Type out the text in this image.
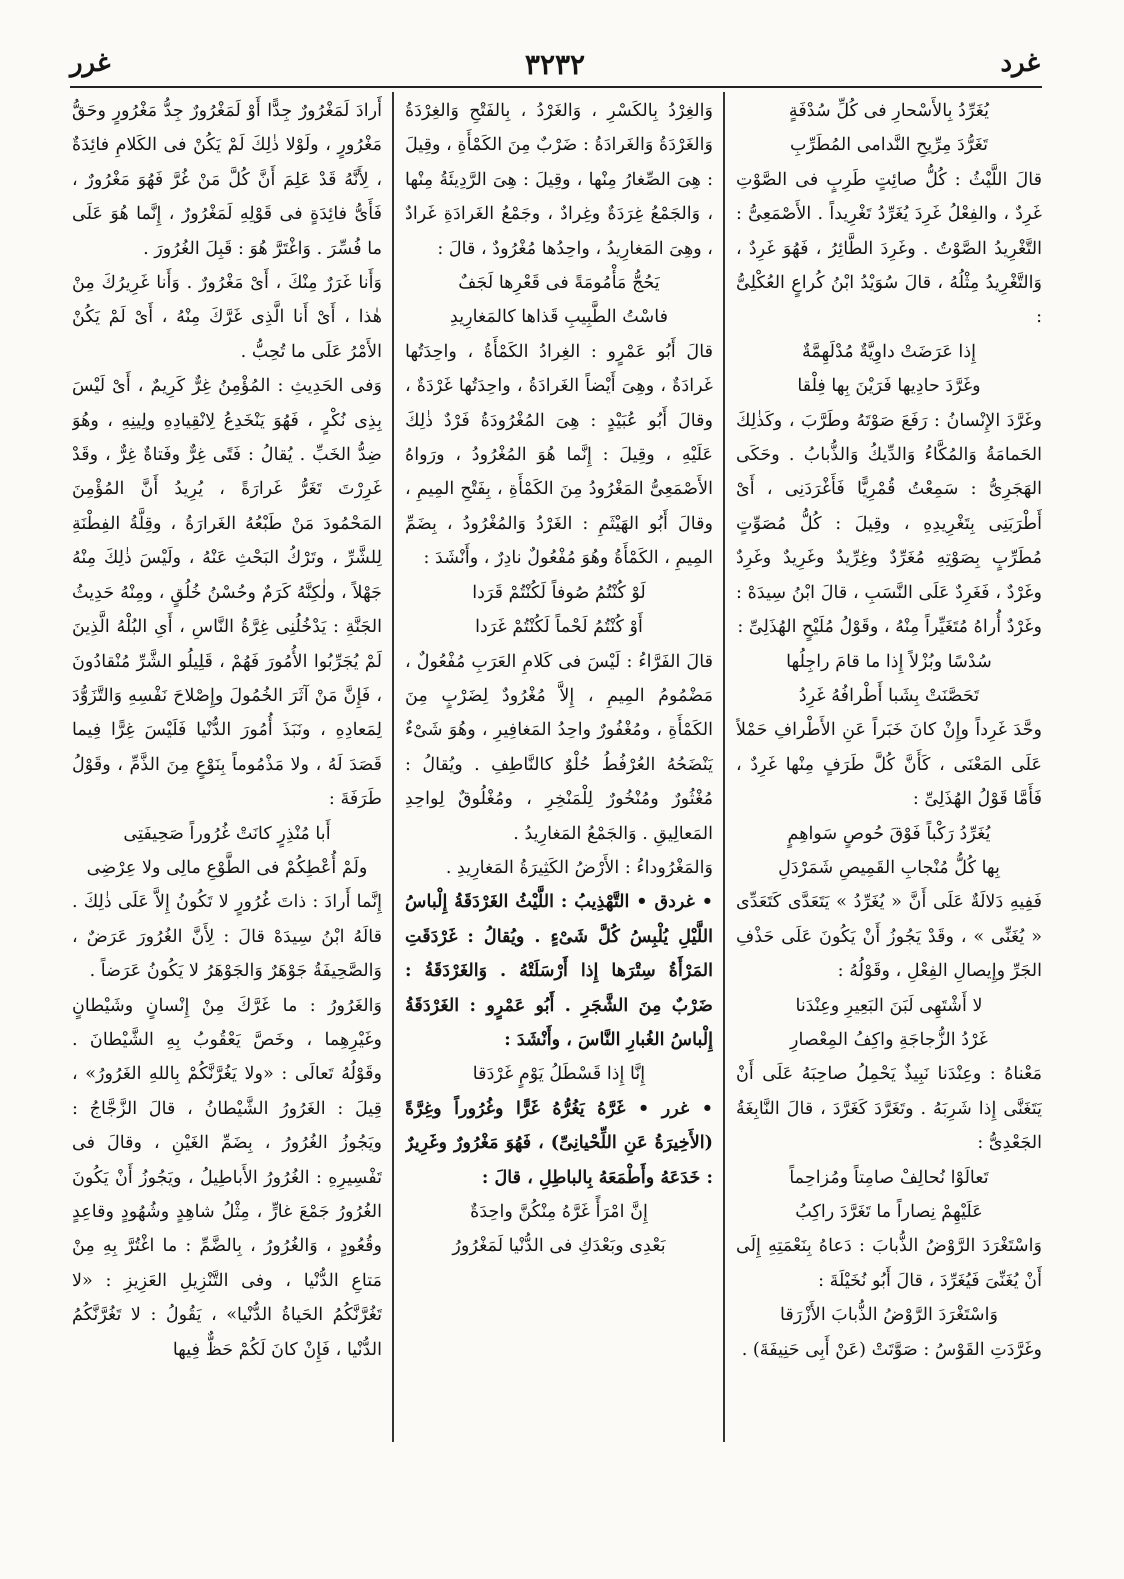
غرد
٣٢٣٢
غرر

يُغَرِّدُ بِالأَسْحارِ فى كُلِّ سُدْفَةٍ

تَغَرُّدَ مِرِّيحِ النَّدامى المُطَرِّبِ

قالَ اللَّيْثُ : كُلُّ صائِتٍ طَرِبٍ فى الصَّوْتِ غَرِدٌ ، والفِعْلُ غَرِدَ يُغَرِّدُ تَغْرِيداً . الأَصْمَعِىُّ : التَّغْرِيدُ الصَّوْتُ . وغَرِدَ الطَّائِرُ ، فَهُوَ غَرِدٌ ، وَالتَّغْرِيدُ مِثْلُهُ ، قالَ سُوَيْدُ ابْنُ كُراعٍ العُكْلِىُّ :

إِذا عَرَضَتْ داوِيَّةٌ مُدْلَهِمَّةٌ

وغَرَّدَ حادِيها فَرَيْنَ بِها فِلْقا

وغَرَّدَ الإِنْسانُ : رَفَعَ صَوْتَهُ وطَرَّبَ ، وكَذٰلِكَ الحَمامَةُ وَالمُكَّاءُ وَالدِّيكُ وَالذُّبابُ . وحَكَى الهَجَرِىُّ : سَمِعْتُ قُمْرِيًّا فَأَغْرَدَنِى ، أَىْ أَطْرَبَنِى بِتَغْرِيدِهِ ، وقِيلَ : كُلُّ مُصَوِّتٍ مُطَرِّبٍ بِصَوْتِهِ مُغَرِّدٌ وغِرِّيدٌ وغَرِيدٌ وغَرِدٌ وغَرْدٌ ، فَغَرِدٌ عَلَى النَّسَبِ ، قالَ ابْنُ سِيدَهْ : وغَرْدٌ أُراهُ مُتَغَيِّراً مِنْهُ ، وقَوْلُ مُلَيْحٍ الهُذَلِىِّ :

سُدْسًا وبُزْلاً إِذا ما قامَ راجِلُها

تَحَصَّنَتْ بِشَبا أَطْرافُهُ غَرِدُ

وحَّدَ غَرِداً وإِنْ كانَ خَبَراً عَنِ الأَطْرافِ حَمْلاً عَلَى المَعْنَى ، كَأَنَّ كُلَّ طَرَفٍ مِنْها غَرِدٌ ، فَأَمَّا قَوْلُ الهُذَلِىِّ :

يُغَرِّدُ رَكْباً فَوْقَ حُوصٍ سَواهِمٍ

بِها كُلُّ مُنْجابِ القَمِيصِ شَمَرْدَلِ

فَفِيهِ دَلالَةٌ عَلَى أَنَّ « يُغَرِّدُ » يَتَعَدَّى كَتَعَدِّى « يُغَنِّى » ، وقَدْ يَجُوزُ أَنْ يَكُونَ عَلَى حَذْفِ الجَرِّ وإِيصالِ الفِعْلِ ، وقَوْلُهُ :

لا أَشْتَهِى لَبَنَ البَعِيرِ وعِنْدَنا

غَرْدُ الزُّجاجَةِ واكِفُ المِعْصارِ

مَعْناهُ : وعِنْدَنا نَبِيذٌ يَحْمِلُ صاحِبَهُ عَلَى أَنْ يَتَغَنَّى إِذا شَرِبَهُ . وتَغَرَّدَ كَغَرَّدَ ، قالَ النَّابِغَةُ الجَعْدِىُّ :

تَعالَوْا نُحالِفْ صامِتاً ومُزاحِماً

عَلَيْهِمْ نِصاراً ما تَغَرَّدَ راكِبُ

وَاسْتَغْرَدَ الرَّوْضُ الذُّبابَ : دَعاهُ بِنَعْمَتِهِ إِلَى أَنْ يُغَنِّىَ فَيُغَرِّدَ ، قالَ أَبُو نُخَيْلَةَ :

وَاسْتَغْرَدَ الرَّوْضُ الذُّبابَ الأَزْرَقا

وغَرَّدَتِ القَوْسُ : صَوَّتَتْ (عَنْ أَبِى حَنِيفَةَ) .

وَالغِرْدُ بِالكَسْرِ ، وَالغَرْدُ ، بِالفَتْحِ وَالغِرْدَةُ وَالغَرْدَةُ وَالغَرادَةُ : ضَرْبٌ مِنَ الكَمْأَةِ ، وقِيلَ : هِىَ الصِّغارُ مِنْها ، وقِيلَ : هِىَ الرَّدِيئَةُ مِنْها ، وَالجَمْعُ غِرَدَةٌ وغِرادٌ ، وجَمْعُ الغَرادَةِ غَرادٌ ، وهِىَ المَغارِيدُ ، واحِدُها مُغْرُودٌ ، قالَ :

يَحُجُّ مَأْمُومَةً فى قَعْرِها لَجَفٌ

فاسْتُ الطَّبِيبِ قَذاها كالمَغارِيدِ

قالَ أَبُو عَمْرٍو : الغِرادُ الكَمْأَةُ ، واحِدَتُها غَرادَةٌ ، وهِىَ أَيْضاً الغَرادَةُ ، واحِدَتُها غَرْدَةٌ ، وقالَ أَبُو عُبَيْدٍ : هِىَ المُغْرُودَةُ فَرْدٌ ذٰلِكَ عَلَيْهِ ، وقِيلَ : إِنَّما هُوَ المُغْرُودُ ، ورَواهُ الأَصْمَعِىُّ المَغْرُودُ مِنَ الكَمْأَةِ ، بِفَتْحِ المِيمِ ، وقالَ أَبُو الهَيْثَمِ : الغَرْدُ وَالمُغْرُودُ ، بِضَمِّ المِيمِ ، الكَمْأَةُ وهُوَ مُفْعُولٌ نادِرٌ ، وأَنْشَدَ :

لَوْ كُنْتُمُ صُوفاً لَكُنْتُمْ قَرَدا

أَوْ كُنْتُمُ لَحْماً لَكُنْتُمْ غَرَدا

قالَ الفَرَّاءُ : لَيْسَ فى كَلامِ العَرَبِ مُفْعُولٌ ، مَضْمُومُ المِيمِ ، إِلاَّ مُغْرُودٌ لِضَرْبٍ مِنَ الكَمْأَةِ ، ومُغْفُورٌ واحِدُ المَغافِيرِ ، وهُوَ شَىْءٌ يَنْضَحُهُ العُرْفُطُ حُلْوٌ كالنَّاطِفِ . ويُقالُ : مُغْثُورٌ ومُنْخُورٌ لِلْمَنْخِرِ ، ومُغْلُوقٌ لِواحِدِ المَعالِيقِ . وَالجَمْعُ المَغارِيدُ .

وَالمَغْرُوداءُ : الأَرْضُ الكَثِيرَةُ المَغارِيدِ .

• غردق • التَّهْذِيبُ : اللَّيْثُ الغَرْدَقَةُ إِلْباسُ اللَّيْلِ يُلْبِسُ كُلَّ شَىْءٍ . ويُقالُ : غَرْدَقَتِ المَرْأَةُ سِتْرَها إِذا أَرْسَلَتْهُ . وَالغَرْدَقَةُ : ضَرْبٌ مِنَ الشَّجَرِ . أَبُو عَمْرٍو : الغَرْدَقَةُ إِلْباسُ الغُبارِ النَّاسَ ، وأَنْشَدَ :

إِنَّا إِذا قَسْطَلُ يَوْمٍ غَرْدَقا

• غرر • غَرَّهُ يَغُرُّهُ غَرًّا وغُرُوراً وغِرَّةً (الأَخِيرَةُ عَنِ اللِّحْيانِىِّ) ، فَهُوَ مَغْرُورٌ وغَرِيرٌ : خَدَعَهُ وأَطْمَعَهُ بِالباطِلِ ، قالَ :

إِنَّ امْرَأً غَرَّهُ مِنْكُنَّ واحِدَةٌ

بَعْدِى وبَعْدَكِ فى الدُّنْيا لَمَغْرُورُ

أَرادَ لَمَغْرُورٌ جِدًّا أَوْ لَمَغْرُورٌ جِدُّ مَغْرُورٍ وحَقُّ مَغْرُورٍ ، ولَوْلا ذٰلِكَ لَمْ يَكُنْ فى الكَلامِ فائِدَةٌ ، لِأَنَّهُ قَدْ عَلِمَ أَنَّ كُلَّ مَنْ غُرَّ فَهُوَ مَغْرُورٌ ، فَأَىُّ فائِدَةٍ فى قَوْلِهِ لَمَغْرُورٌ ، إِنَّما هُوَ عَلَى ما فُسِّرَ . وَاغْتَرَّ هُوَ : قَبِلَ الغُرُورَ .

وَأَنا غَرَرٌ مِنْكَ ، أَىْ مَغْرُورٌ . وَأَنا غَرِيرُكَ مِنْ هٰذا ، أَىْ أَنا الَّذِى غَرَّكَ مِنْهُ ، أَىْ لَمْ يَكُنْ الأَمْرُ عَلَى ما تُحِبُّ .

وَفى الحَدِيثِ : المُؤْمِنُ غِرٌّ كَرِيمٌ ، أَىْ لَيْسَ بِذِى نُكْرٍ ، فَهُوَ يَنْخَدِعُ لِانْقِيادِهِ ولِينِهِ ، وهُوَ ضِدُّ الخَبِّ . يُقالُ : فَتًى غِرٌّ وفَتاةٌ غِرٌّ ، وقَدْ غَرِرْتَ تَغَرُّ غَرارَةً ، يُرِيدُ أَنَّ المُؤْمِنَ المَحْمُودَ مَنْ طَبْعُهُ الغَرارَةُ ، وقِلَّةُ الفِطْنَةِ لِلشَّرِّ ، وتَرْكُ البَحْثِ عَنْهُ ، ولَيْسَ ذٰلِكَ مِنْهُ جَهْلاً ، ولٰكِنَّهُ كَرَمٌ وحُسْنُ خُلُقٍ ، ومِنْهُ حَدِيثُ الجَنَّةِ : يَدْخُلُنِى غِرَّةُ النَّاسِ ، أَىِ البُلْهُ الَّذِينَ لَمْ يُجَرِّبُوا الأُمُورَ فَهُمْ ، قَلِيلُو الشَّرِّ مُنْقادُونَ ، فَإِنَّ مَنْ آثَرَ الخُمُولَ وإِصْلاحَ نَفْسِهِ وَالتَّزَوُّدَ لِمَعادِهِ ، ونَبَذَ أُمُورَ الدُّنْيا فَلَيْسَ غِرًّا فِيما قَصَدَ لَهُ ، ولا مَذْمُوماً بِنَوْعٍ مِنَ الذَّمِّ ، وقَوْلُ طَرَفَةَ :

أَبا مُنْذِرٍ كانَتْ غُرُوراً صَحِيفَتِى

ولَمْ أُعْطِكُمْ فى الطَّوْعِ مالِى ولا عِرْضِى

إِنَّما أَرادَ : ذاتَ غُرُورٍ لا تَكُونُ إِلاَّ عَلَى ذٰلِكَ . قالَهُ ابْنُ سِيدَهْ قالَ : لِأَنَّ الغُرُورَ عَرَضٌ ، وَالصَّحِيفَةُ جَوْهَرٌ وَالجَوْهَرُ لا يَكُونُ عَرَضاً .

وَالغَرُورُ : ما غَرَّكَ مِنْ إِنْسانٍ وشَيْطانٍ وغَيْرِهِما ، وخَصَّ يَعْقُوبُ بِهِ الشَّيْطانَ . وقَوْلُهُ تَعالَى : «ولا يَغُرَّنَّكُمْ بِاللهِ الغَرُورُ» ، قِيلَ : الغَرُورُ الشَّيْطانُ ، قالَ الزَّجَّاجُ : ويَجُوزُ الغُرُورُ ، بِضَمِّ الغَيْنِ ، وقالَ فى تَفْسِيرِهِ : الغُرُورُ الأَباطِيلُ ، ويَجُوزُ أَنْ يَكُونَ الغُرُورُ جَمْعَ غارٍّ ، مِثْلُ شاهِدٍ وشُهُودٍ وقاعِدٍ وقُعُودٍ ، وَالغُرُورُ ، بِالضَّمِّ : ما اغْتُرَّ بِهِ مِنْ مَتاعِ الدُّنْيا ، وفى التَّنْزِيلِ العَزِيزِ : «لا تَغُرَّنَّكُمُ الحَياةُ الدُّنْيا» ، يَقُولُ : لا تَغُرَّنَّكُمُ الدُّنْيا ، فَإِنْ كانَ لَكُمْ حَظٌّ فِيها
